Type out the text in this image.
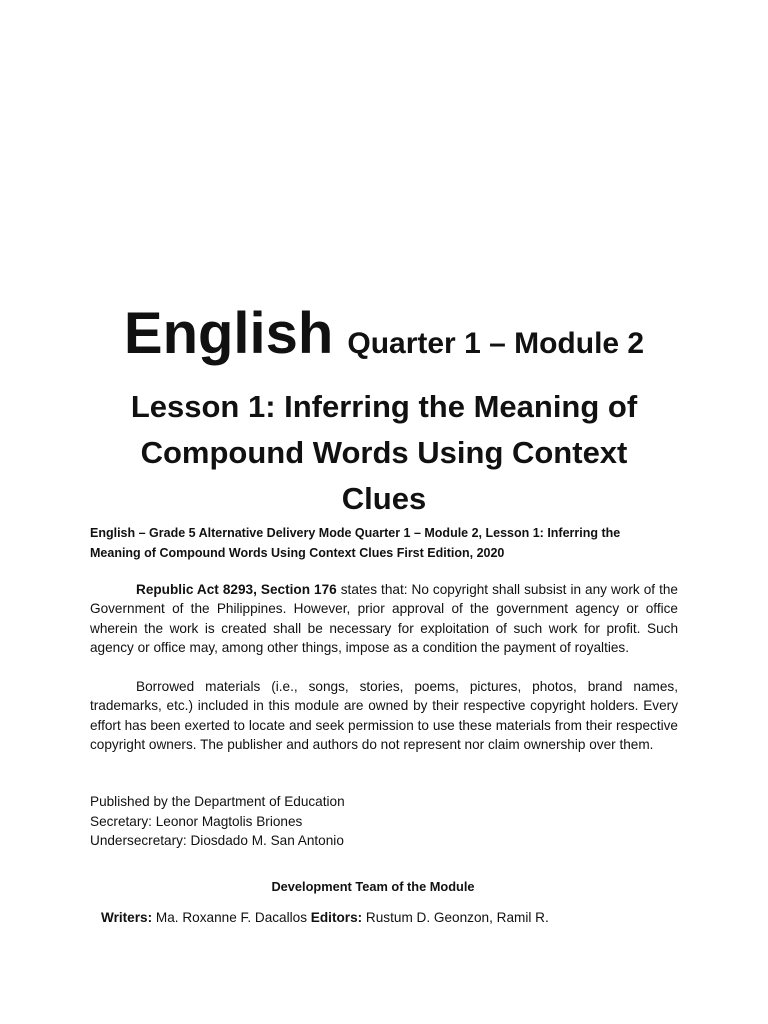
English Quarter 1 – Module 2
Lesson 1: Inferring the Meaning of
Compound Words Using Context
Clues
English – Grade 5 Alternative Delivery Mode Quarter 1 – Module 2, Lesson 1: Inferring the
Meaning of Compound Words Using Context Clues First Edition, 2020
Republic Act 8293, Section 176 states that: No copyright shall subsist in any work of the Government of the Philippines. However, prior approval of the government agency or office wherein the work is created shall be necessary for exploitation of such work for profit. Such agency or office may, among other things, impose as a condition the payment of royalties.
Borrowed materials (i.e., songs, stories, poems, pictures, photos, brand names, trademarks, etc.) included in this module are owned by their respective copyright holders. Every effort has been exerted to locate and seek permission to use these materials from their respective copyright owners. The publisher and authors do not represent nor claim ownership over them.
Published by the Department of Education
Secretary: Leonor Magtolis Briones
Undersecretary: Diosdado M. San Antonio
Development Team of the Module
Writers: Ma. Roxanne F. Dacallos Editors: Rustum D. Geonzon, Ramil R.
